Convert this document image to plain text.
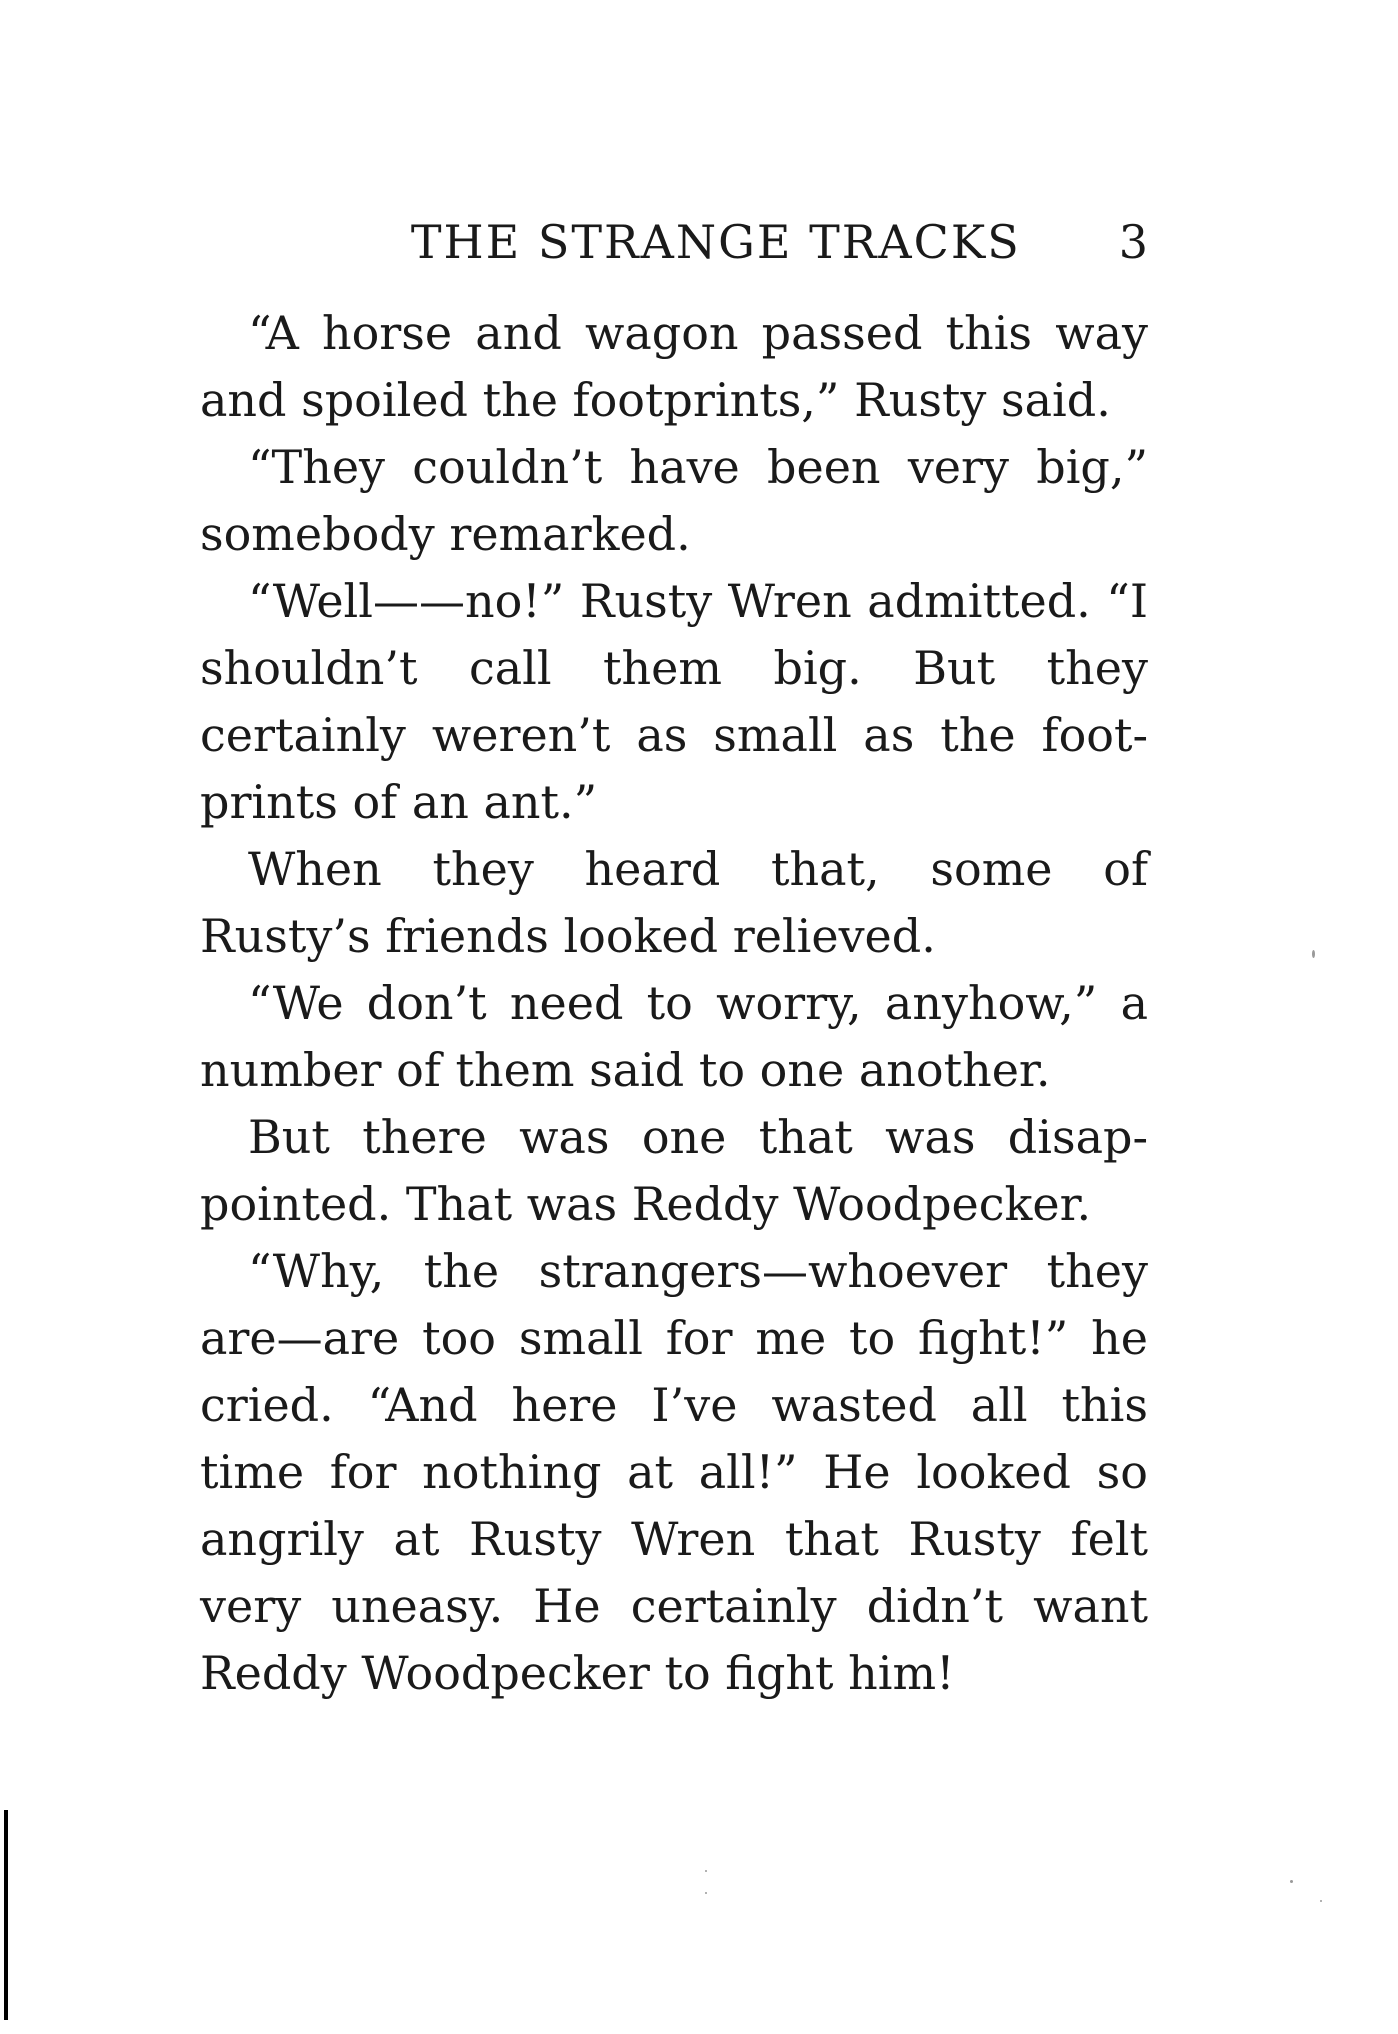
THE STRANGE TRACKS 3

“A horse and wagon passed this way and spoiled the footprints,” Rusty said.

“They couldn’t have been very big,” somebody remarked.

“Well——no!” Rusty Wren admitted. “I shouldn’t call them big. But they certainly weren’t as small as the footprints of an ant.”

When they heard that, some of Rusty’s friends looked relieved.

“We don’t need to worry, anyhow,” a number of them said to one another.

But there was one that was disappointed. That was Reddy Woodpecker.

“Why, the strangers—whoever they are—are too small for me to fight!” he cried. “And here I’ve wasted all this time for nothing at all!” He looked so angrily at Rusty Wren that Rusty felt very uneasy. He certainly didn’t want Reddy Woodpecker to fight him!
